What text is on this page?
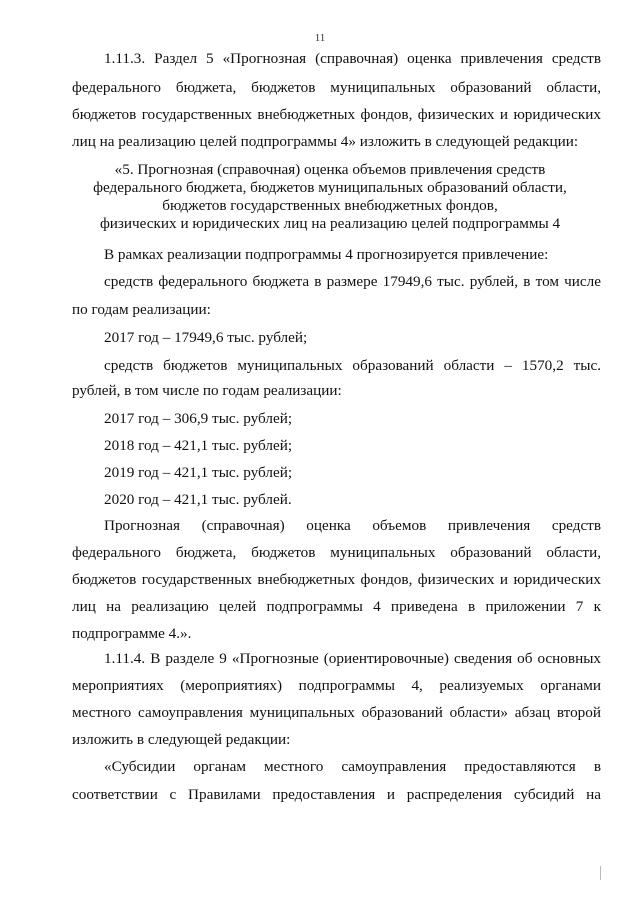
11
1.11.3. Раздел 5 «Прогнозная (справочная) оценка привлечения средств
федерального бюджета, бюджетов муниципальных образований области,
бюджетов государственных внебюджетных фондов, физических и юридических
лиц на реализацию целей подпрограммы 4» изложить в следующей редакции:
«5. Прогнозная (справочная) оценка объемов привлечения средств
федерального бюджета, бюджетов муниципальных образований области,
бюджетов государственных внебюджетных фондов,
физических и юридических лиц на реализацию целей подпрограммы 4
В рамках реализации подпрограммы 4 прогнозируется привлечение:
средств федерального бюджета в размере 17949,6 тыс. рублей, в том числе
по годам реализации:
2017 год – 17949,6 тыс. рублей;
средств бюджетов муниципальных образований области – 1570,2 тыс.
рублей, в том числе по годам реализации:
2017 год – 306,9 тыс. рублей;
2018 год – 421,1 тыс. рублей;
2019 год – 421,1 тыс. рублей;
2020 год – 421,1 тыс. рублей.
Прогнозная (справочная) оценка объемов привлечения средств
федерального бюджета, бюджетов муниципальных образований области,
бюджетов государственных внебюджетных фондов, физических и юридических
лиц на реализацию целей подпрограммы 4 приведена в приложении 7 к
подпрограмме 4.».
1.11.4. В разделе 9 «Прогнозные (ориентировочные) сведения об основных
мероприятиях (мероприятиях) подпрограммы 4, реализуемых органами
местного самоуправления муниципальных образований области» абзац второй
изложить в следующей редакции:
«Субсидии органам местного самоуправления предоставляются в
соответствии с Правилами предоставления и распределения субсидий на
